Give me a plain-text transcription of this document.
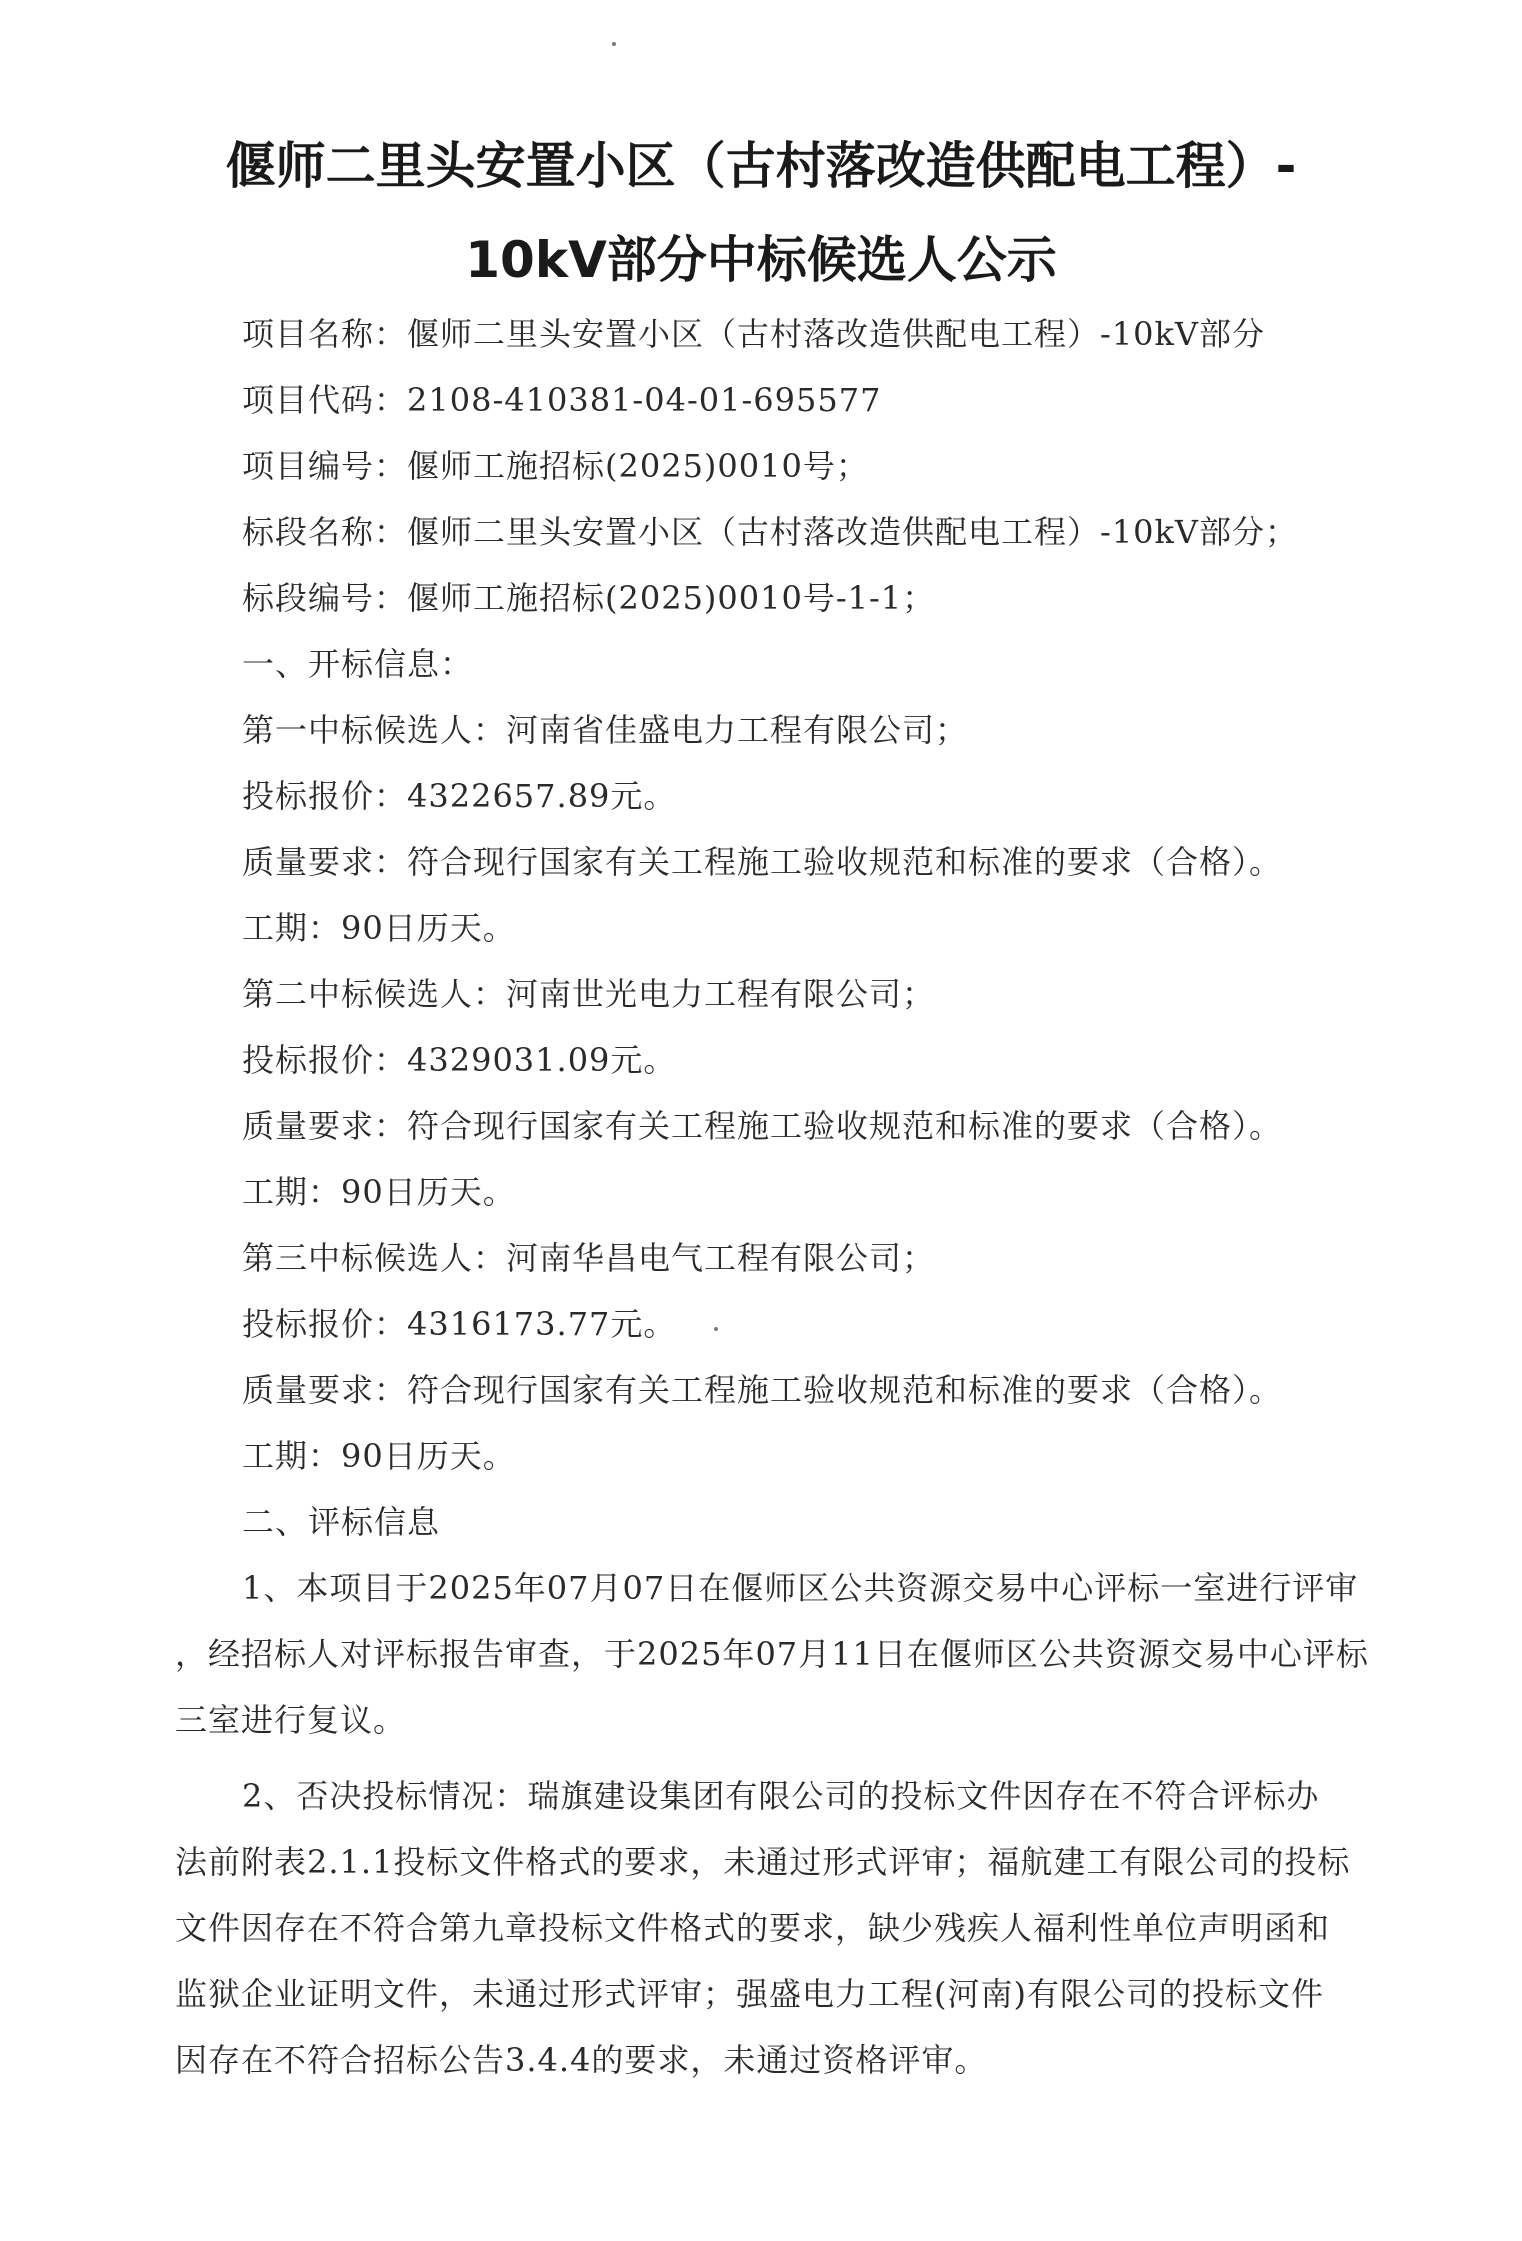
偃师二里头安置小区（古村落改造供配电工程）-
10kV部分中标候选人公示
项目名称：偃师二里头安置小区（古村落改造供配电工程）-10kV部分
项目代码：2108-410381-04-01-695577
项目编号：偃师工施招标(2025)0010号；
标段名称：偃师二里头安置小区（古村落改造供配电工程）-10kV部分；
标段编号：偃师工施招标(2025)0010号-1-1；
一、开标信息：
第一中标候选人：河南省佳盛电力工程有限公司；
投标报价：4322657.89元。
质量要求：符合现行国家有关工程施工验收规范和标准的要求（合格）。
工期：90日历天。
第二中标候选人：河南世光电力工程有限公司；
投标报价：4329031.09元。
质量要求：符合现行国家有关工程施工验收规范和标准的要求（合格）。
工期：90日历天。
第三中标候选人：河南华昌电气工程有限公司；
投标报价：4316173.77元。
质量要求：符合现行国家有关工程施工验收规范和标准的要求（合格）。
工期：90日历天。
二、评标信息
1、本项目于2025年07月07日在偃师区公共资源交易中心评标一室进行评审
，经招标人对评标报告审查，于2025年07月11日在偃师区公共资源交易中心评标
三室进行复议。
2、否决投标情况：瑞旗建设集团有限公司的投标文件因存在不符合评标办
法前附表2.1.1投标文件格式的要求，未通过形式评审；福航建工有限公司的投标
文件因存在不符合第九章投标文件格式的要求，缺少残疾人福利性单位声明函和
监狱企业证明文件，未通过形式评审；强盛电力工程(河南)有限公司的投标文件
因存在不符合招标公告3.4.4的要求，未通过资格评审。
